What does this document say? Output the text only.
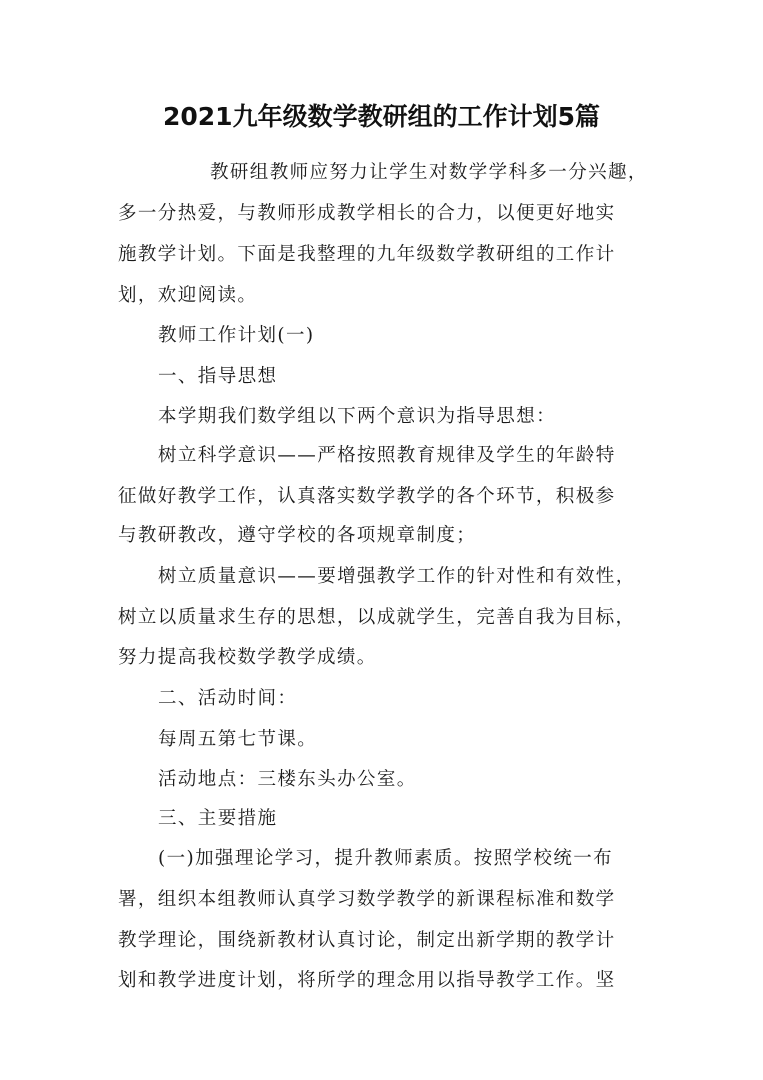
2021九年级数学教研组的工作计划5篇
教研组教师应努力让学生对数学学科多一分兴趣，
多一分热爱，与教师形成教学相长的合力，以便更好地实
施教学计划。下面是我整理的九年级数学教研组的工作计
划，欢迎阅读。
教师工作计划(一)
一、指导思想
本学期我们数学组以下两个意识为指导思想：
树立科学意识——严格按照教育规律及学生的年龄特
征做好教学工作，认真落实数学教学的各个环节，积极参
与教研教改，遵守学校的各项规章制度；
树立质量意识——要增强教学工作的针对性和有效性，
树立以质量求生存的思想，以成就学生，完善自我为目标，
努力提高我校数学教学成绩。
二、活动时间：
每周五第七节课。
活动地点：三楼东头办公室。
三、主要措施
(一)加强理论学习，提升教师素质。按照学校统一布
署，组织本组教师认真学习数学教学的新课程标准和数学
教学理论，围绕新教材认真讨论，制定出新学期的教学计
划和教学进度计划，将所学的理念用以指导教学工作。坚
